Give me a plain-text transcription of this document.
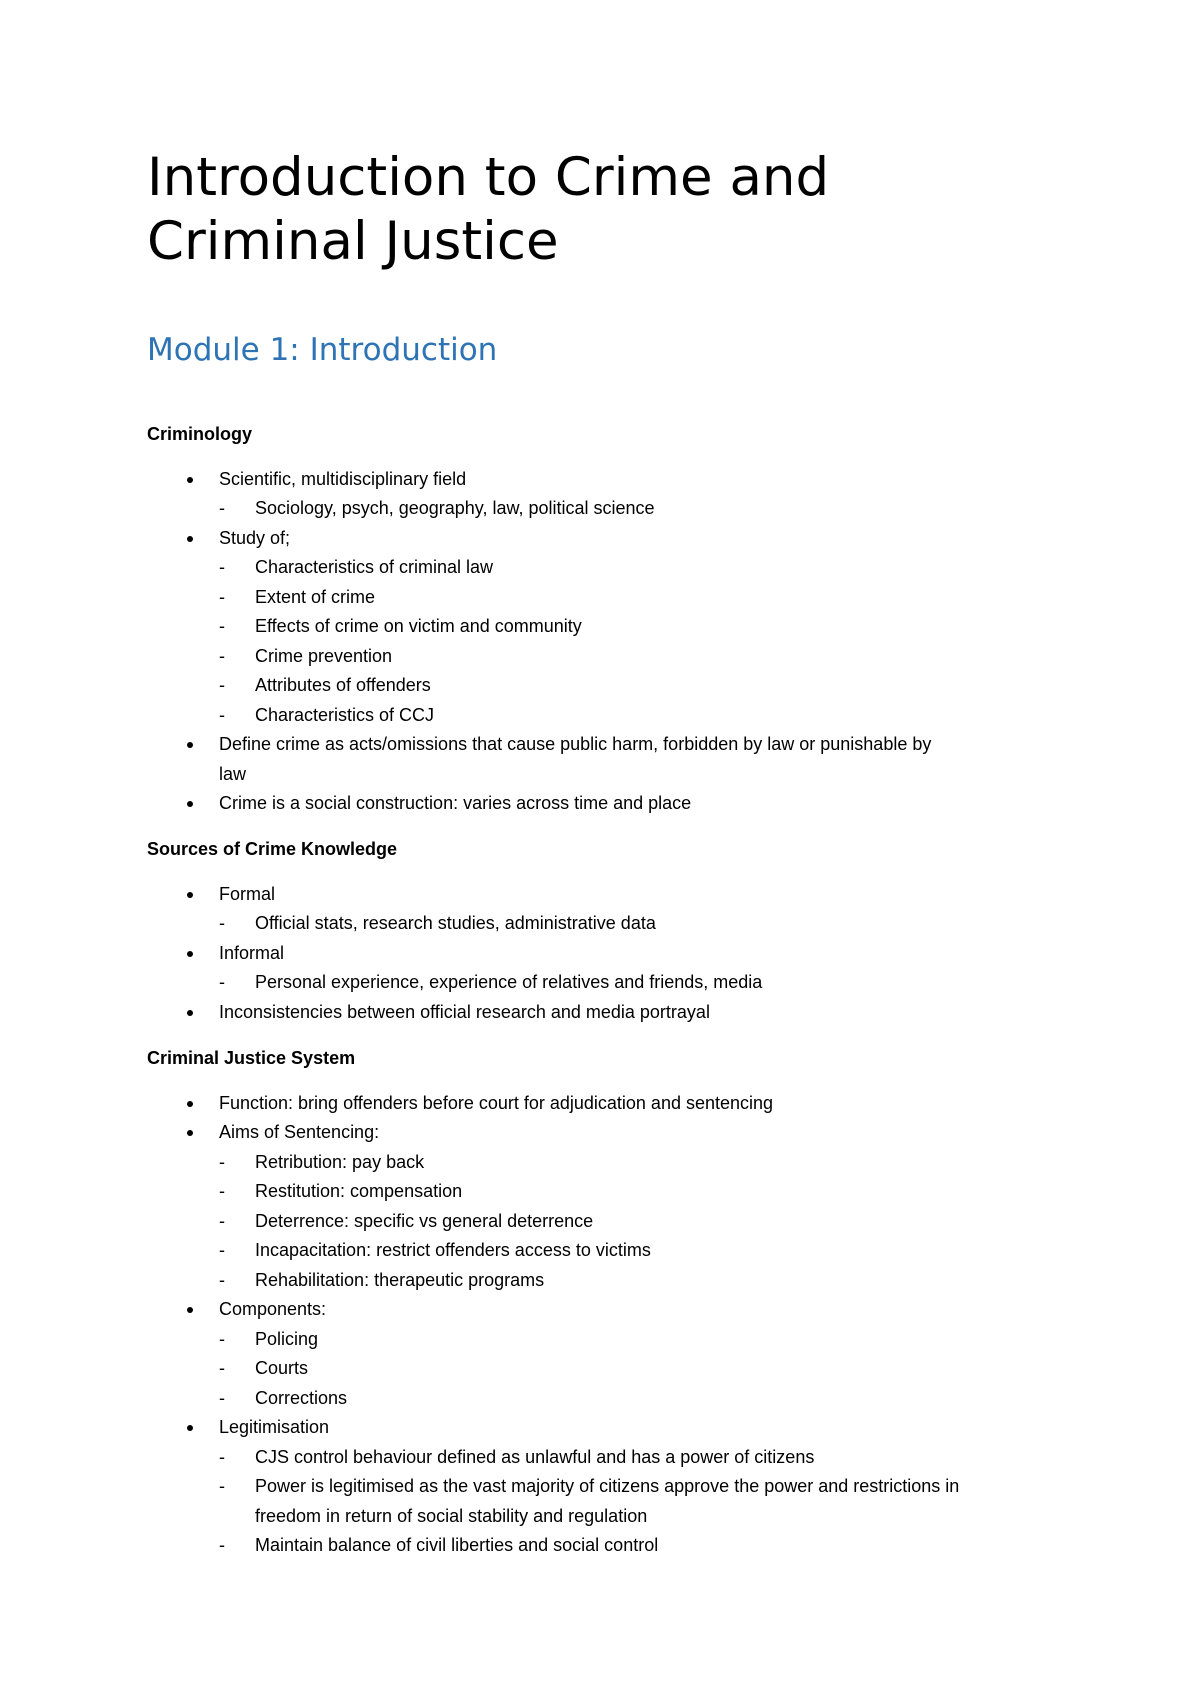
Introduction to Crime and
Criminal Justice
Module 1: Introduction
Criminology
Scientific, multidisciplinary field
- Sociology, psych, geography, law, political science
Study of;
- Characteristics of criminal law
- Extent of crime
- Effects of crime on victim and community
- Crime prevention
- Attributes of offenders
- Characteristics of CCJ
Define crime as acts/omissions that cause public harm, forbidden by law or punishable by
law
Crime is a social construction: varies across time and place
Sources of Crime Knowledge
Formal
- Official stats, research studies, administrative data
Informal
- Personal experience, experience of relatives and friends, media
Inconsistencies between official research and media portrayal
Criminal Justice System
Function: bring offenders before court for adjudication and sentencing
Aims of Sentencing:
- Retribution: pay back
- Restitution: compensation
- Deterrence: specific vs general deterrence
- Incapacitation: restrict offenders access to victims
- Rehabilitation: therapeutic programs
Components:
- Policing
- Courts
- Corrections
Legitimisation
- CJS control behaviour defined as unlawful and has a power of citizens
- Power is legitimised as the vast majority of citizens approve the power and restrictions in
freedom in return of social stability and regulation
- Maintain balance of civil liberties and social control
